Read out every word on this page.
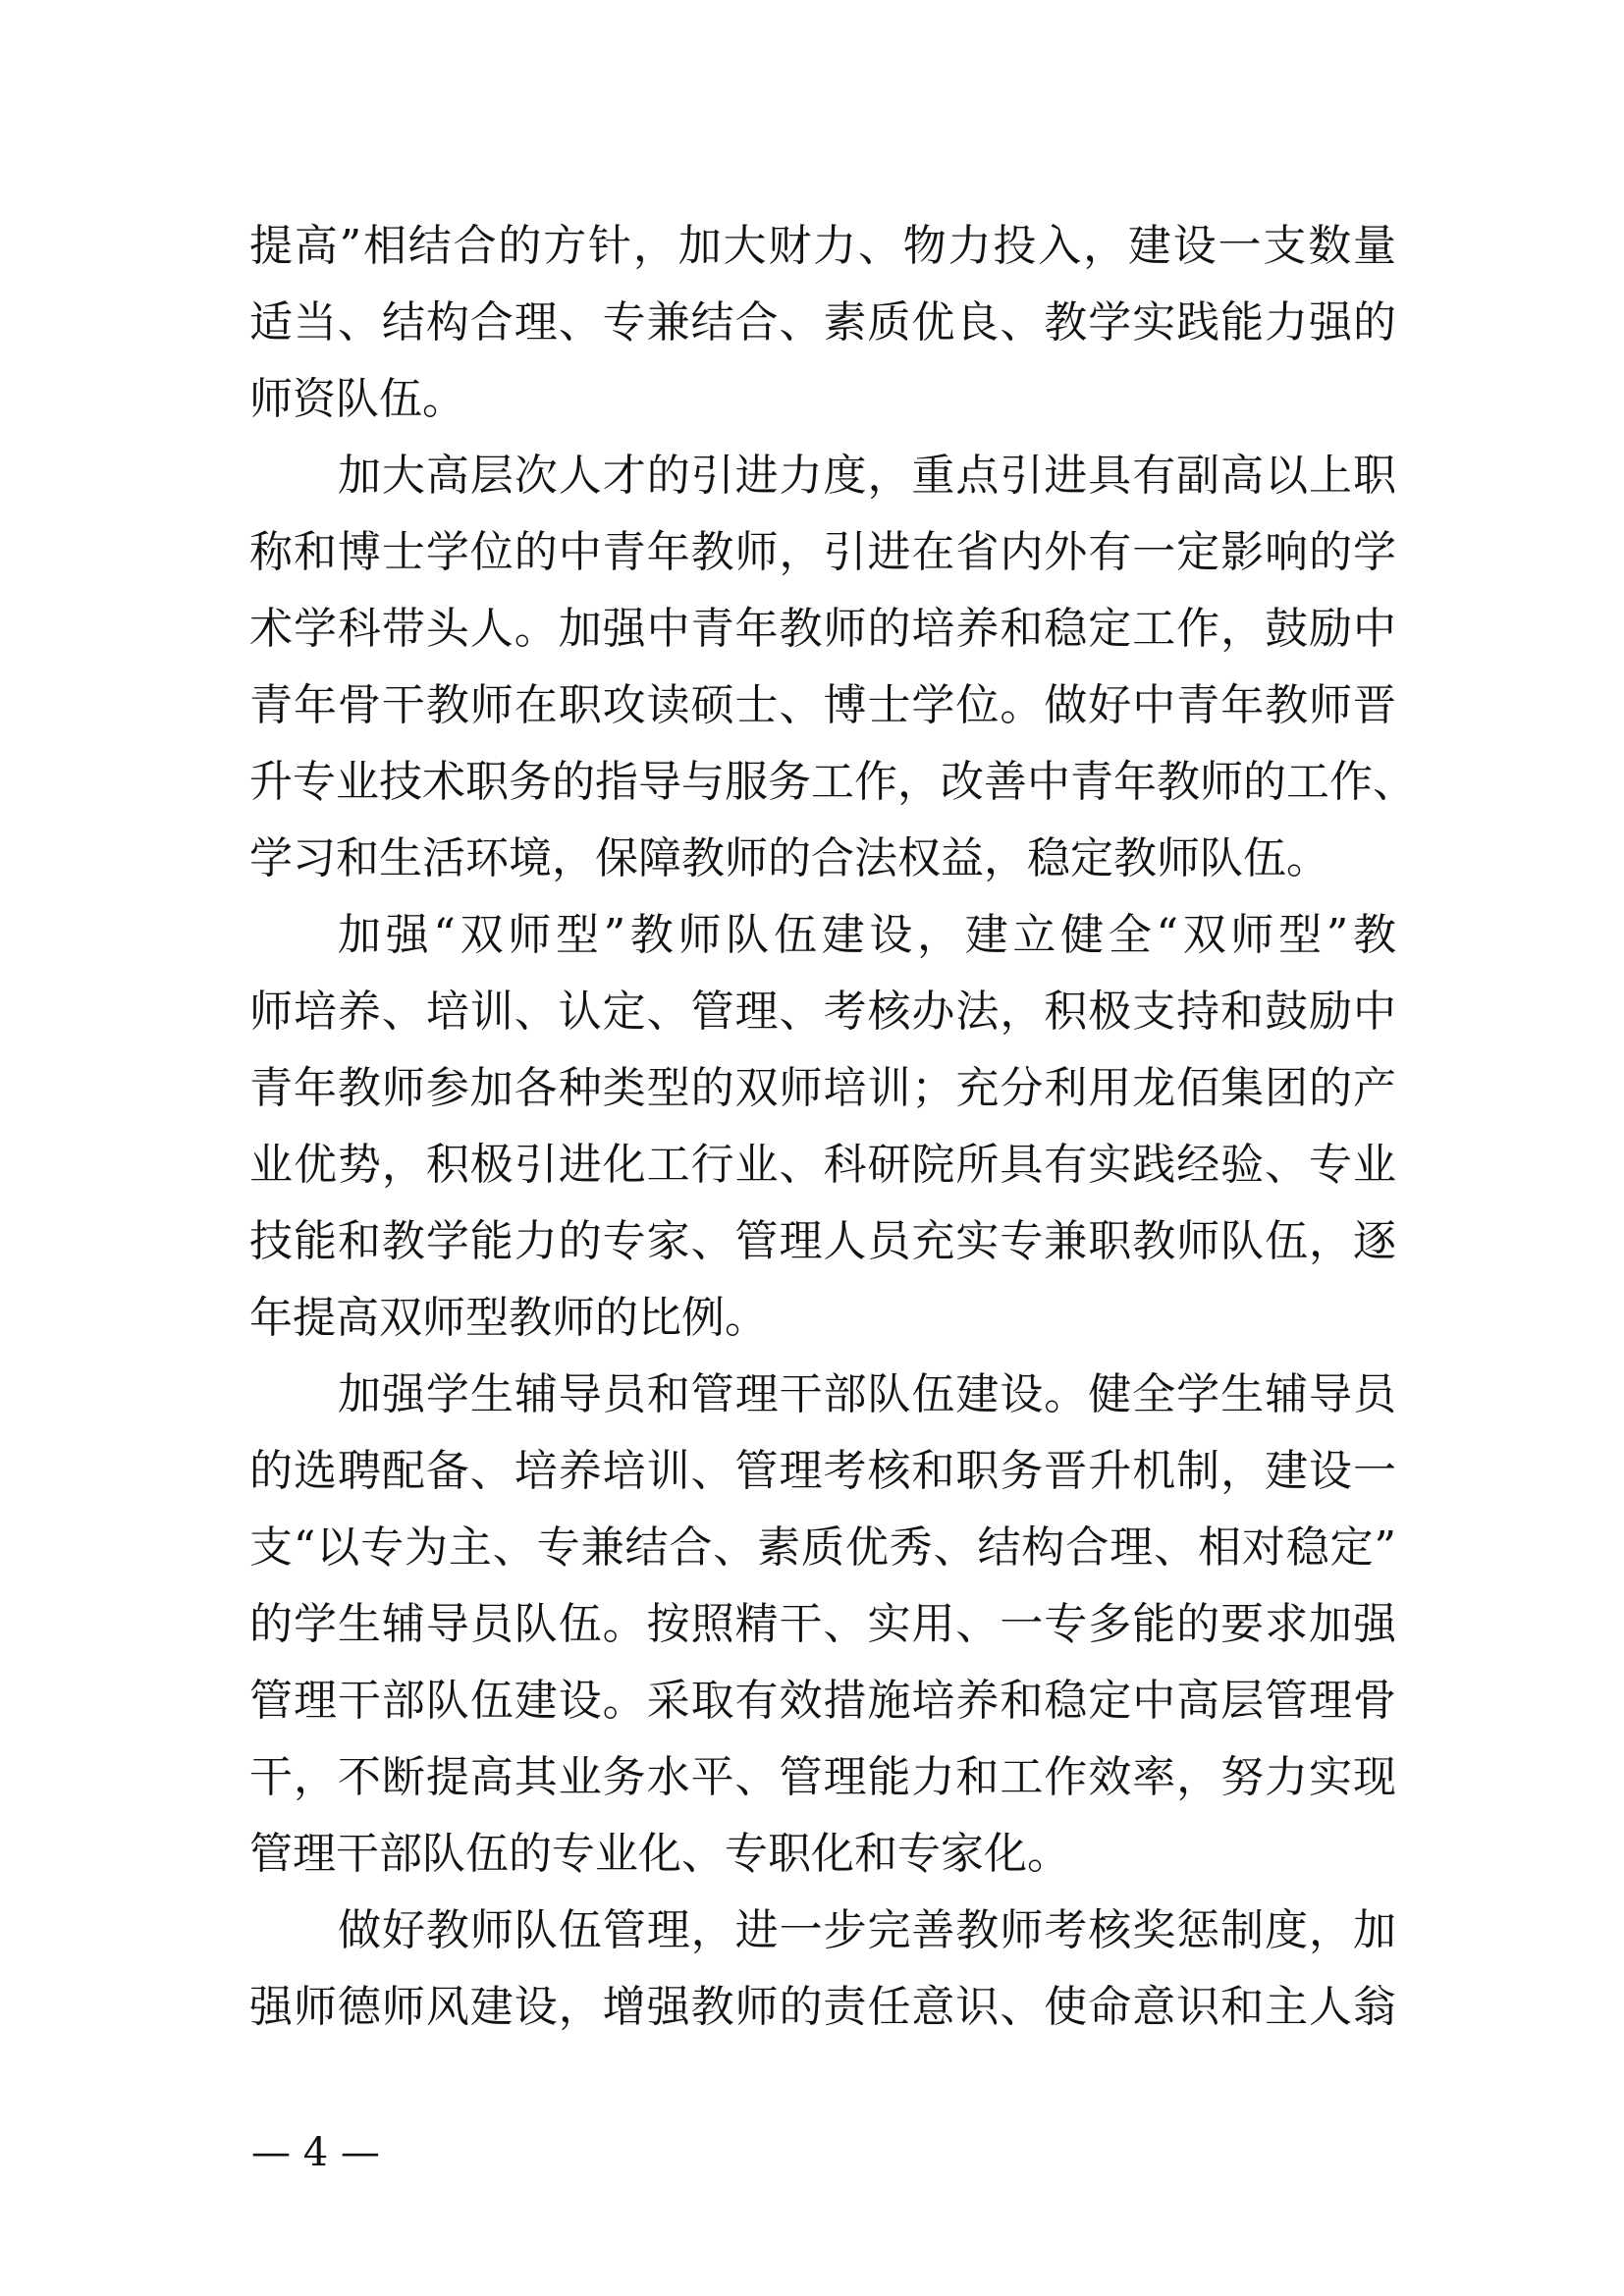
提高”相结合的方针，加大财力、物力投入，建设一支数量
适当、结构合理、专兼结合、素质优良、教学实践能力强的
师资队伍。
加大高层次人才的引进力度，重点引进具有副高以上职
称和博士学位的中青年教师，引进在省内外有一定影响的学
术学科带头人。加强中青年教师的培养和稳定工作，鼓励中
青年骨干教师在职攻读硕士、博士学位。做好中青年教师晋
升专业技术职务的指导与服务工作，改善中青年教师的工作、
学习和生活环境，保障教师的合法权益，稳定教师队伍。
加强“双师型”教师队伍建设，建立健全“双师型”教
师培养、培训、认定、管理、考核办法，积极支持和鼓励中
青年教师参加各种类型的双师培训；充分利用龙佰集团的产
业优势，积极引进化工行业、科研院所具有实践经验、专业
技能和教学能力的专家、管理人员充实专兼职教师队伍，逐
年提高双师型教师的比例。
加强学生辅导员和管理干部队伍建设。健全学生辅导员
的选聘配备、培养培训、管理考核和职务晋升机制，建设一
支“以专为主、专兼结合、素质优秀、结构合理、相对稳定”
的学生辅导员队伍。按照精干、实用、一专多能的要求加强
管理干部队伍建设。采取有效措施培养和稳定中高层管理骨
干，不断提高其业务水平、管理能力和工作效率，努力实现
管理干部队伍的专业化、专职化和专家化。
做好教师队伍管理，进一步完善教师考核奖惩制度，加
强师德师风建设，增强教师的责任意识、使命意识和主人翁
— 4 —
